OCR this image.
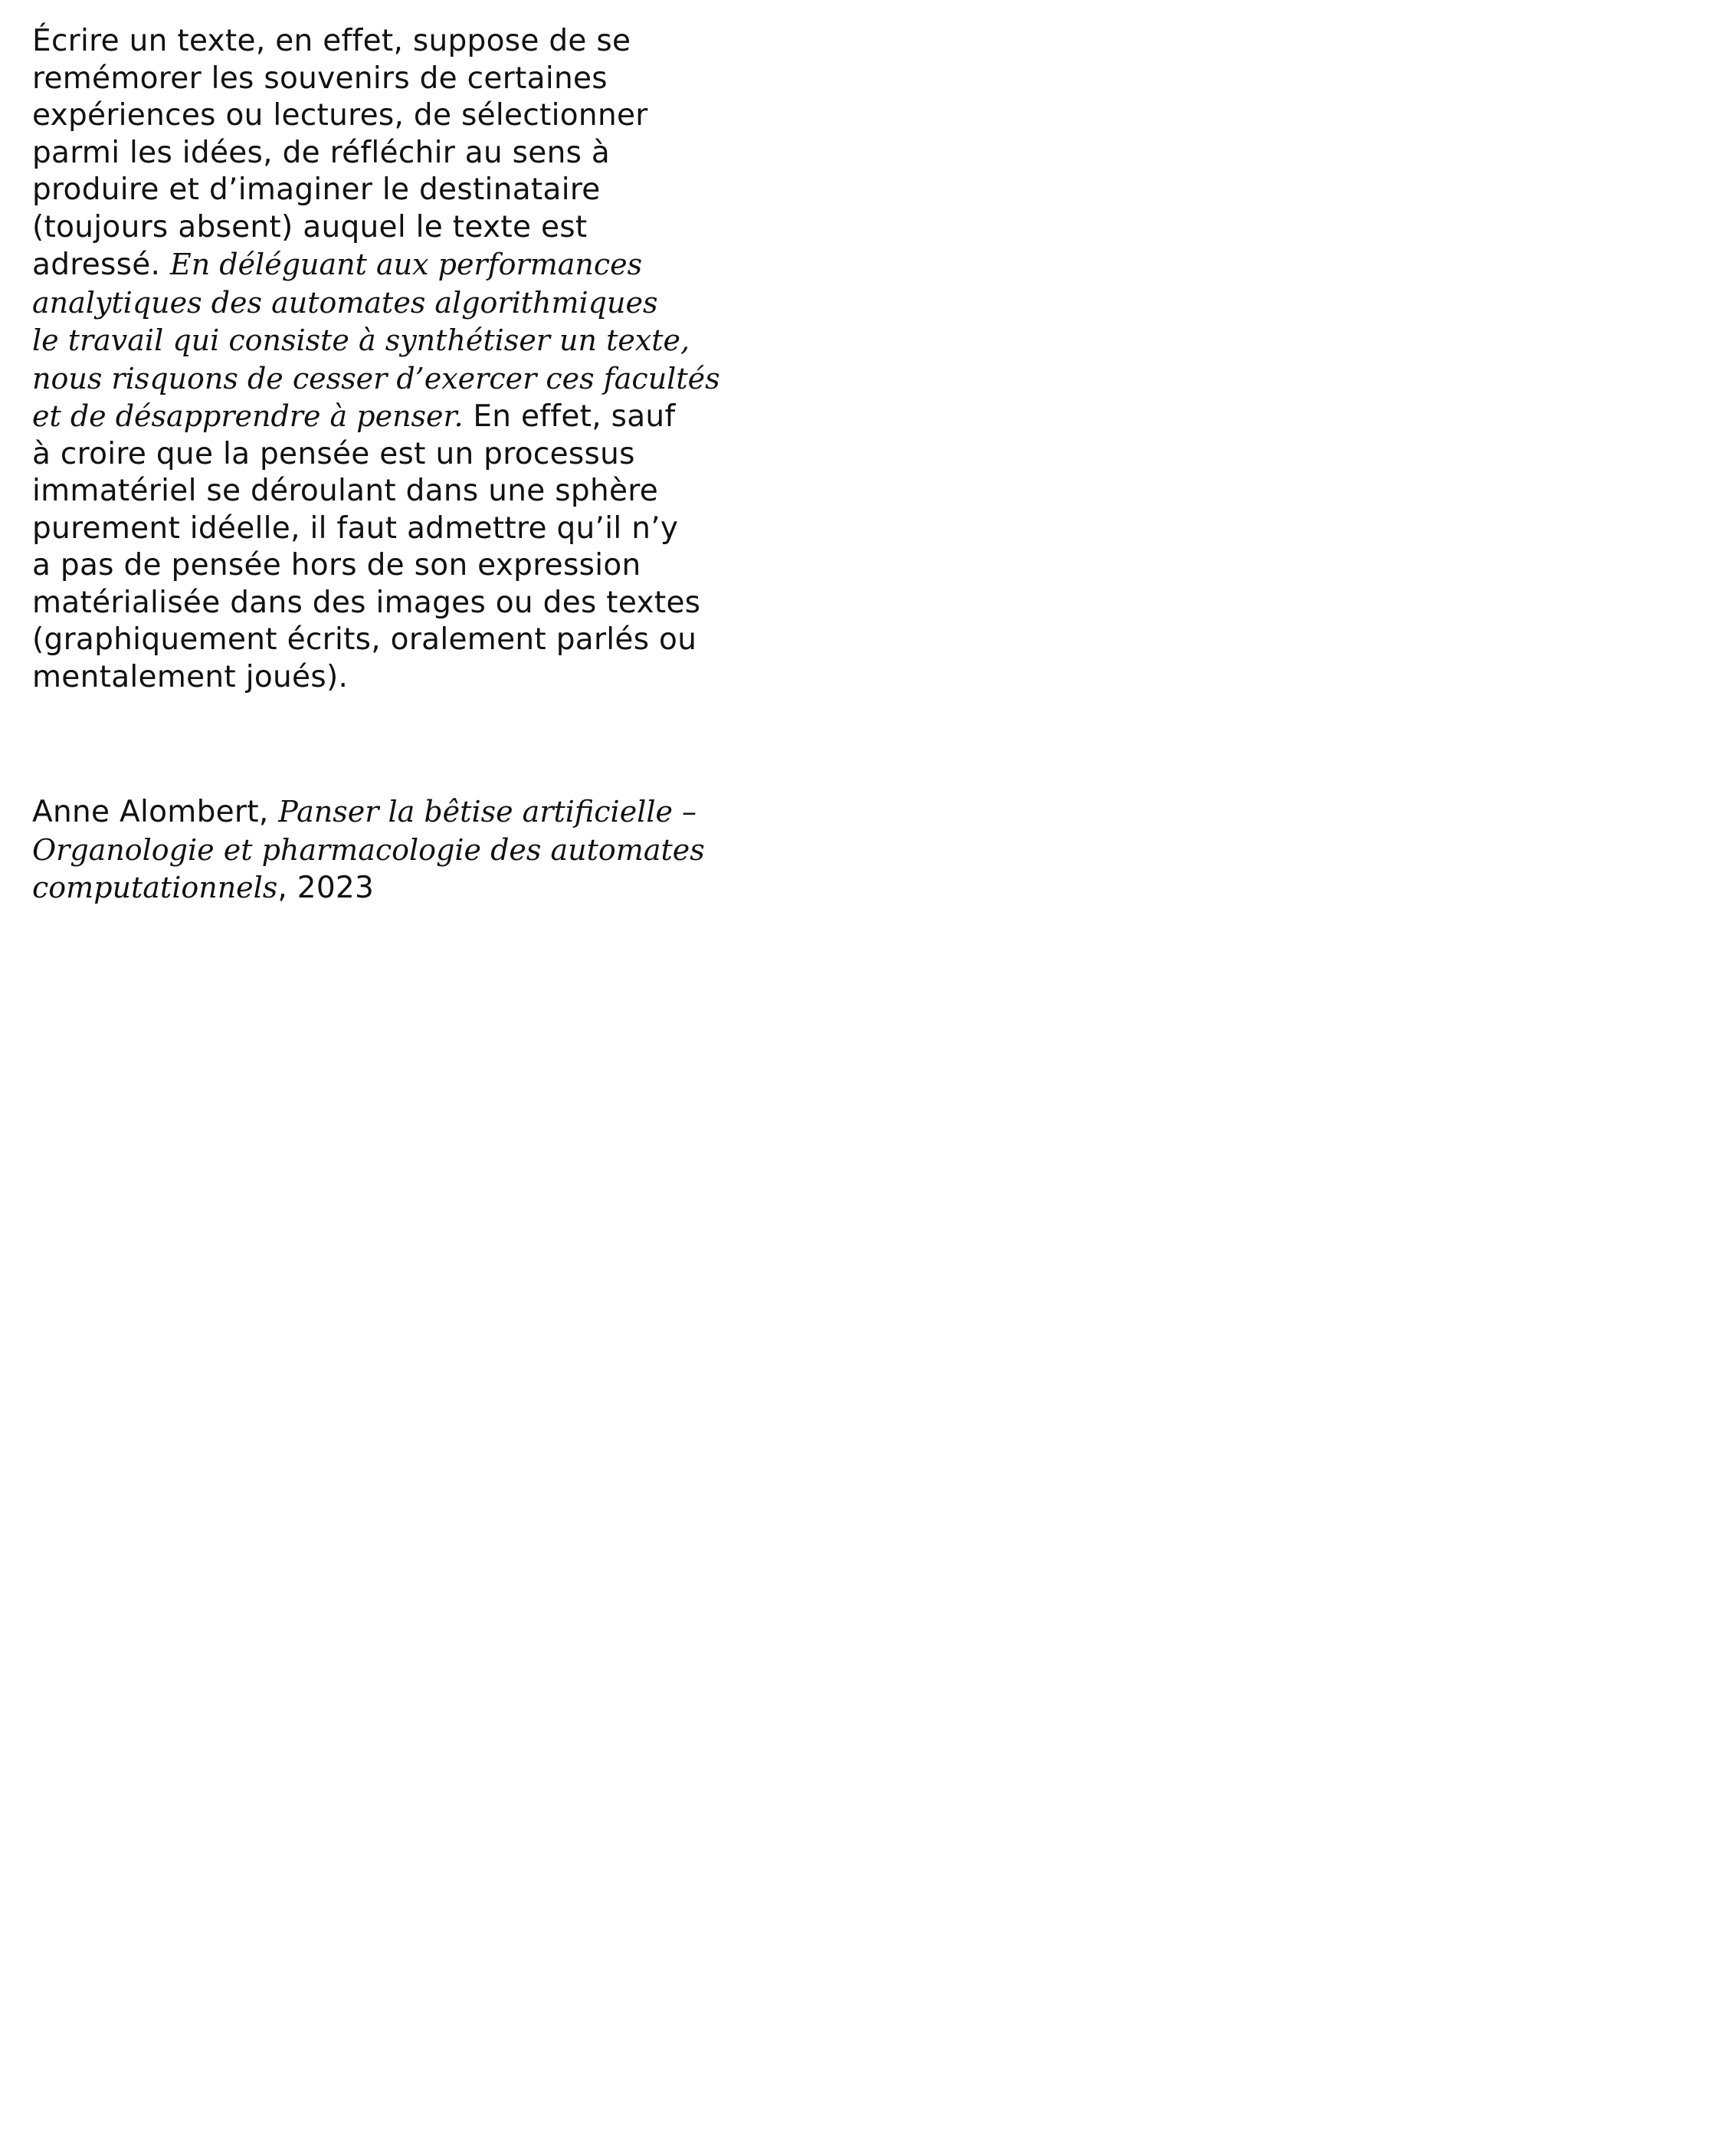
Écrire un texte, en effet, suppose de se
remémorer les souvenirs de certaines
expériences ou lectures, de sélectionner
parmi les idées, de réfléchir au sens à
produire et d’imaginer le destinataire
(toujours absent) auquel le texte est
adressé. En déléguant aux performances
analytiques des automates algorithmiques
le travail qui consiste à synthétiser un texte,
nous risquons de cesser d’exercer ces facultés
et de désapprendre à penser. En effet, sauf
à croire que la pensée est un processus
immatériel se déroulant dans une sphère
purement idéelle, il faut admettre qu’il n’y
a pas de pensée hors de son expression
matérialisée dans des images ou des textes
(graphiquement écrits, oralement parlés ou
mentalement joués).

Anne Alombert, Panser la bêtise artificielle –
Organologie et pharmacologie des automates
computationnels, 2023
